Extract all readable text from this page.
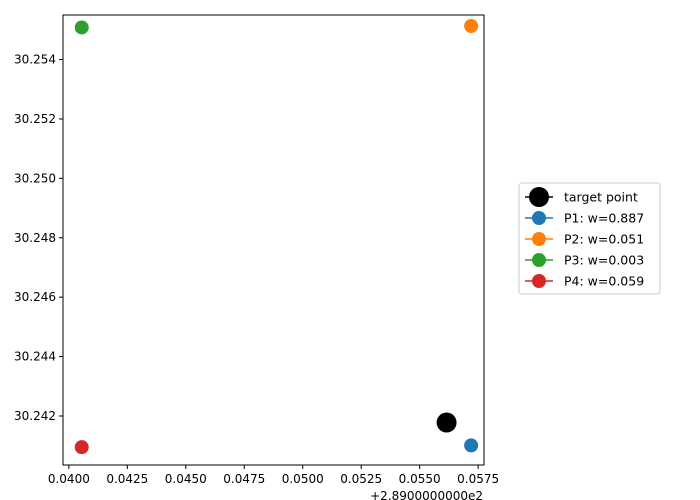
0.0400 0.0425 0.0450 0.0475 0.0500 0.0525 0.0550 0.0575
30.242
30.244
30.246
30.248
30.250
30.252
30.254
+2.8900000000e2
target point
P1: w=0.887
P2: w=0.051
P3: w=0.003
P4: w=0.059
